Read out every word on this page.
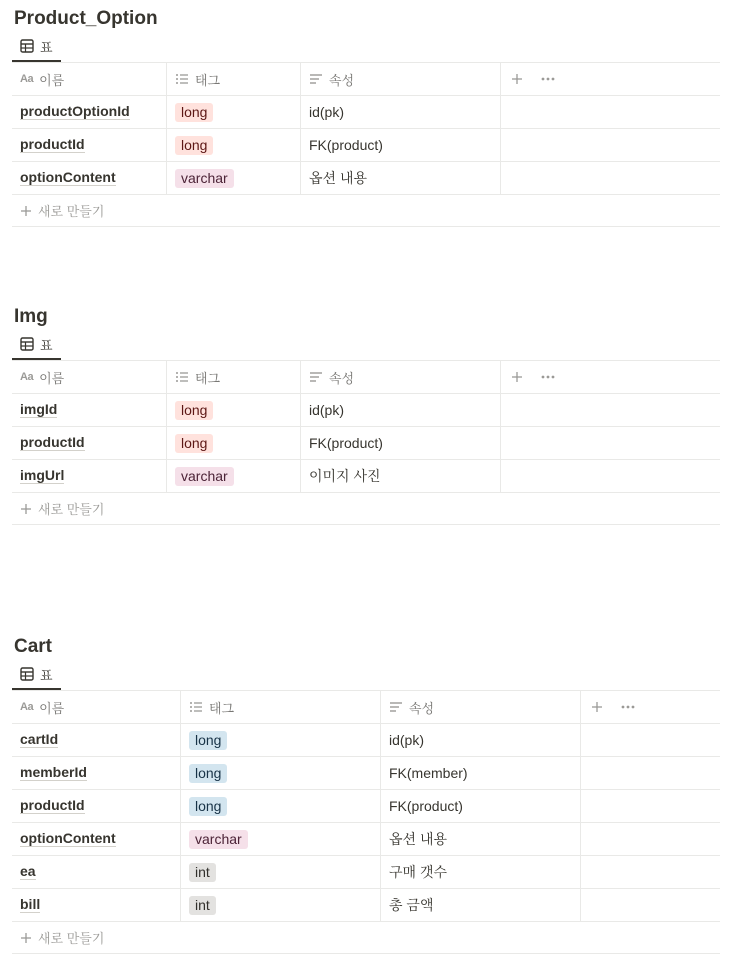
Product_Option
표
Aa 이름	태그	속성
productOptionId	long	id(pk)
productId	long	FK(product)
optionContent	varchar	옵션 내용
새로 만들기
Img
표
Aa 이름	태그	속성
imgId	long	id(pk)
productId	long	FK(product)
imgUrl	varchar	이미지 사진
새로 만들기
Cart
표
Aa 이름	태그	속성
cartId	long	id(pk)
memberId	long	FK(member)
productId	long	FK(product)
optionContent	varchar	옵션 내용
ea	int	구매 갯수
bill	int	총 금액
새로 만들기
